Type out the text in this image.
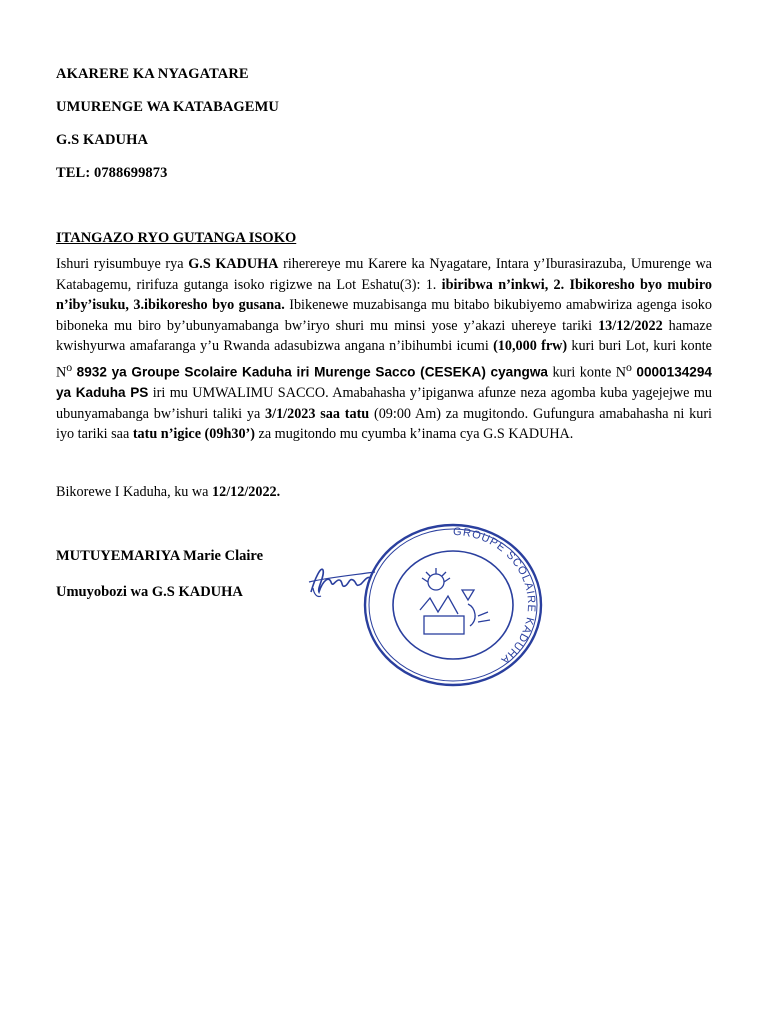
AKARERE KA NYAGATARE
UMURENGE WA KATABAGEMU
G.S KADUHA
TEL: 0788699873
ITANGAZO RYO GUTANGA ISOKO
Ishuri ryisumbuye rya G.S KADUHA riherereye mu Karere ka Nyagatare, Intara y’Iburasirazuba, Umurenge wa Katabagemu, ririfuza gutanga isoko rigizwe na Lot Eshatu(3): 1. ibiribwa n’inkwi, 2. Ibikoresho byo mubiro n’iby’isuku, 3.ibikoresho byo gusana. Ibikenewe muzabisanga mu bitabo bikubiyemo amabwiriza agenga isoko biboneka mu biro by’ubunyamabanga bw’iryo shuri mu minsi yose y’akazi uhereye tariki 13/12/2022 hamaze kwishyurwa amafaranga y’u Rwanda adasubizwa angana n’ibihumbi icumi (10,000 frw) kuri buri Lot, kuri konte $N^o$ 8932 ya Groupe Scolaire Kaduha iri Murenge Sacco (CESEKA) cyangwa kuri konte $N^o$ 0000134294 ya Kaduha PS iri mu UMWALIMU SACCO. Amabahasha y’ipiganwa afunze neza agomba kuba yagejejwe mu ubunyamabanga bw’ishuri taliki ya 3/1/2023 saa tatu (09:00 Am) za mugitondo. Gufungura amabahasha ni kuri iyo tariki saa tatu n’igice (09h30’) za mugitondo mu cyumba k’inama cya G.S KADUHA.
Bikorewe I Kaduha, ku wa 12/12/2022.
MUTUYEMARIYA Marie Claire
Umuyobozi wa G.S KADUHA
GROUPE SCOLAIRE KADUHA
